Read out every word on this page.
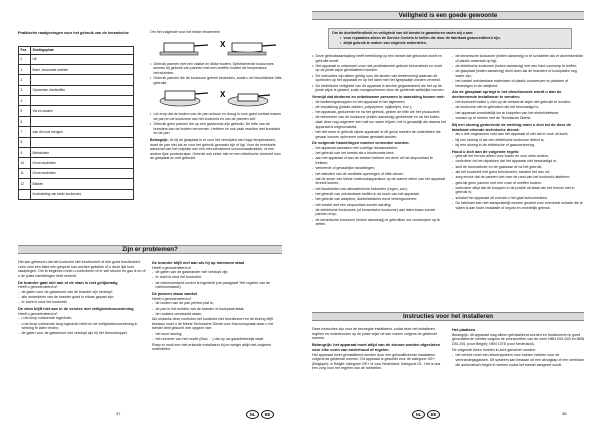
Praktische raadgevingen voor het gebruik van de keramische
Pos	Stralingsplaat
0	Uit
1	Boter, chocolade smelten
2	
3	Opwarmen vloeistoffen
4	
5	Vla en sausen
6	
7	Aan de kook brengen
8	
9	Biefstukken
10	Groot stoofvlees
11	Groot stoofvlees
12	Bakken
	Inschakeling van beide kookzones

Om het volgende voor het beste rendement:

X
• Gebruik pannen met een vlakke en dikke bodem. Ophelderende kookzones kunnen bij gebruik van pannen met een oneffen bodem de temperatuur beïnvloeden.
• Gebruik pannen die de kookzone geheel bedekken, zodat u de beschikbare hitte gebruikt.
X
• Let erop dat de bodem van de pan schoon en droog is voor goed contact tussen de pan en de kookzone van het kookveld en van de pannen zelf.
• Gebruik geen pannen die op een gasfornuis zijn gebruikt. De hitte van de branders kan de bodem vervormen. Hebben ze ook vaak reacties met kunststof en de pan.

Belangrijk: Je bij de glasplaat is er voor het vermijden van hoge temperaturen, moet de pan niet als ze voor het gebruik gemaakt zijn of ligt. Voor de eventuele aanschaf van het hotplate ook een niet-schokkend schoonmaakmiddel, of een andere fijne puntschraper. Gebruik ook zeker niet en een elektrische vloeistof voor de glasplaat en niet gebruikt.

Zijn er problemen?

Het kan gebeuren dat het kookveld niet functioneert of niet goed functioneert. Lees vóór een klant een gesprek kan worden gekeken of u deze lijst kunt raadplegen. Om te beginnen moet u controleren of er wel stroom en gas is en of u de juiste handelingen hebt verricht.

De brander gaat niet aan of de vlam is niet gelijkmatig
Heeft u gecontroleerd of:
- de gaten voor de gasstroom van de brander zijn verstopt;
- alle onderdelen van de brander goed in elkaar gepast zijn;
- er tocht is rond het kookveld.
De vlam blijft niet aan in de versies met veiligheidsvoorziening
Heeft u gecontroleerd of:
- u de knop voldoende ingedrukt;
- u de knop voldoende lang ingedrukt hebt om de veiligheidsvoorziening in werking te laten treden;
- de gaten voor de gasstroom niet verstopt zijn bij het thermokoppel.
De brander blijft niet aan als hij op minimum staat
Heeft u gecontroleerd of:
- de gaten van de gasbrander niet verstopt zijn;
- er tocht is rond het kookveld;
- de minimumstand correct is ingesteld (zie paragraaf 'Het regelen van de minimumstand').
De pannen staan wankel
Heeft u gecontroleerd of:
- de bodem van de pan perfect plat is;
- de pan in het midden van de brander of kookplaat staat;
- de roosters verwisseld staan.

Als ondanks deze controles het kookveld niet functioneert en de storing blijft bestaan moet u de Meest Technische Dienst voor Kasvoorspraak waar u het toestel hebt gekocht met opgave van:

- het soort storing;
- het nummer van het model (Mod. ...) dat op uw garantiebewijs staat.

Roep er nooit een niet-erkende installateur bij en weiger altijd niet-originele onderdelen.

37	NL	BE
Veiligheid is een goede gewoonte
Om de doeltreffendheid en veiligheid van dit toestel te garanderen raden wij u aan:
• voor reparaties alleen de Service Centers te bellen die door de fabrikant geaccrediteerd zijn.
• altijd gebruik te maken van originele onderdelen.
• Deze gebruiksaanwijzing heeft betrekking op een toestel dat gebouwd wordt en gebruikt wordt.
• Het apparaat is ontworpen voor niet-professioneel gebruik binnenshuis en moet op de juiste wijze geïnstalleerd worden.
• De instructies zijn alleen geldig voor die landen van bestemming waarvan de symbolen op het apparaat en op het label met het typeplaatje worden vermeld.
• De elektrische veiligheid van dit apparaat is slechts gegarandeerd als het op de juiste wijze is geaard, zoals voorgeschreven door de geldende wettelijke normen.
Vermijd dat kinderen en onbekwame personen in aanraking komen met:
- de bedieningsknoppen en het apparaat in het algemeen;
- de verpakking (plastic zakken, polystyreen, spijkertjes, enz.);
- het apparaat, gedurende en na het gebruik, gezien de hitte die het produceert;
- de elementen van de kookzone (indien aanwezig) gedurende en na het koken, daar deze nog ongeveer een half uur warm blijven; het is gevaarlijk als daarna het apparaat is uitgeschakeld.
- het niet meer in gebruik zijnde apparaat: in dit geval moeten de onderdelen die gevaar kunnen opleveren onklaar gemaakt worden.
De volgende handelingen moeten vermeden worden:
- het apparaat aanraken met vochtige lichaamsdelen;
- het gebruik van het toestel als u blootsvoets bent;
- aan het apparaat of aan de stekker trekken om deze uit het stopcontact te trekken;
- verkeerde of gevaarlijke handelingen;
- het afsluiten van de ventilatie-openingen of hitte-afvoer;
- dat de snoer van kleine huishoudapparatuur op de warme delen van het apparaat terecht komen;
- het blootstellen van atmosferische invloeden (regen, zon);
- het gebruik van ontvlambare stoffen in de buurt van het apparaat;
- het gebruik van adapters, dubbelstekkers en/of verlengsnoeren;
- het toestel met een stopcontact zonder aarding;
- de elektrische kookzones (of keramische kookzone) aan laten staan zonder pannen erop;
- de keramische kookzone (indien aanwezig) te gebruiken om voorwerpen op te zetten.
- de keramische kookzone (indien aanwezig) in te schakelen als er aluminiumfolie of plastic materiaal op ligt;
- de elektrische kookzone (indien aanwezig) met een hard voorwerp te treffen;
- de glasplaat (indien aanwezig) dicht doen als de branders of kookplaten nog warm zijn;
- het toestel ontvlambare materialen of plastic voorwerpen te plaatsen of bevestigen in de nabijheid.
Als de glasplaat springt in het dieselbezoek wordt u dan de deelnemende installateur te wenden:
- het kookveld indien u zich op de verkeerde wijze niet gebruikt te worden;
- de kookzone niet te gebruiken als het beschadigd is;
- het apparaat onmiddellijk los te koppelen van het elektriciteitsnet;
- contact op te nemen met de Technische Dienst.
Bij een storing gedurende de werking moet u zich tot de door de fabrikant erkende technische dienst:
- als u iets ongewoons ruikt aan het apparaat of ziet dat er rook uit komt;
- bij een storing of als een elektrische kookzone defect is;
- bij een storing in de elektrische of gasvoorziening.
Houd u zich aan de volgende regels:
- gebruik het fornuis alleen voor koken en voor niets anders;
- controleer na het uitpakken dat het apparaat niet beschadigd is;
- sluit de stoomafvoer en de gaskraan af na het gebruik;
- als het kookveld niet goed functioneert, schakel het dan uit;
- zorg ervoor dat de pannen niet over de rand van het kookveld uitsteken;
- gebruik geen pannen met een ruwe of oneffen bodem.
- controleer altijd dat de knoppen in de positie uit staan als het fornuis niet in gebruik is;
- schakel het apparaat uit voordat u het gaat schoonmaken.
- De fabrikant kan niet aansprakelijk worden gesteld voor eventuele schade die te wijten is aan foute installatie of onjuist en onredelijk gebruik.
Instructies voor het installeren

Deze instructies zijn voor de bevoegde installateur, zodat deze het installeren, regelen en onderhouden op de juiste wijze uit kan voeren volgens de geldende normen.

Belangrijk: het apparaat moet altijd van de stroom worden afgesloten voor elke vorm van onderhoud of regelen.

Het apparaat moet geïnstalleerd worden door een gekwalificeerde installateur volgens de geldende normen. Dit apparaat is geschikt voor de categorie I2E+ (Belgique); in België: kategorie I2E+ of voor Nederland: Kategorie I2L. Het is dus een zorg voor het regelen van de toestellen.

Het plaatsen

Belangrijk: dit apparaat mag alleen geïnstalleerd worden en functioneren in goed geventileerde ruimtes volgens de voorschriften van de norm NBN D51-003 en NBN D51-001 (voor België); NEN 1078 (voor Nederland).

De volgende eisen moeten in acht genomen worden:

- het vertrek moet een afvoersysteem voor luchten hebben voor de verbrandingsgassen. Dit systeem kan bestaan uit een afzuigkap of een ventilator die automatisch begint te werken zodra het toestel aangezet wordt.
NL	BE	38
